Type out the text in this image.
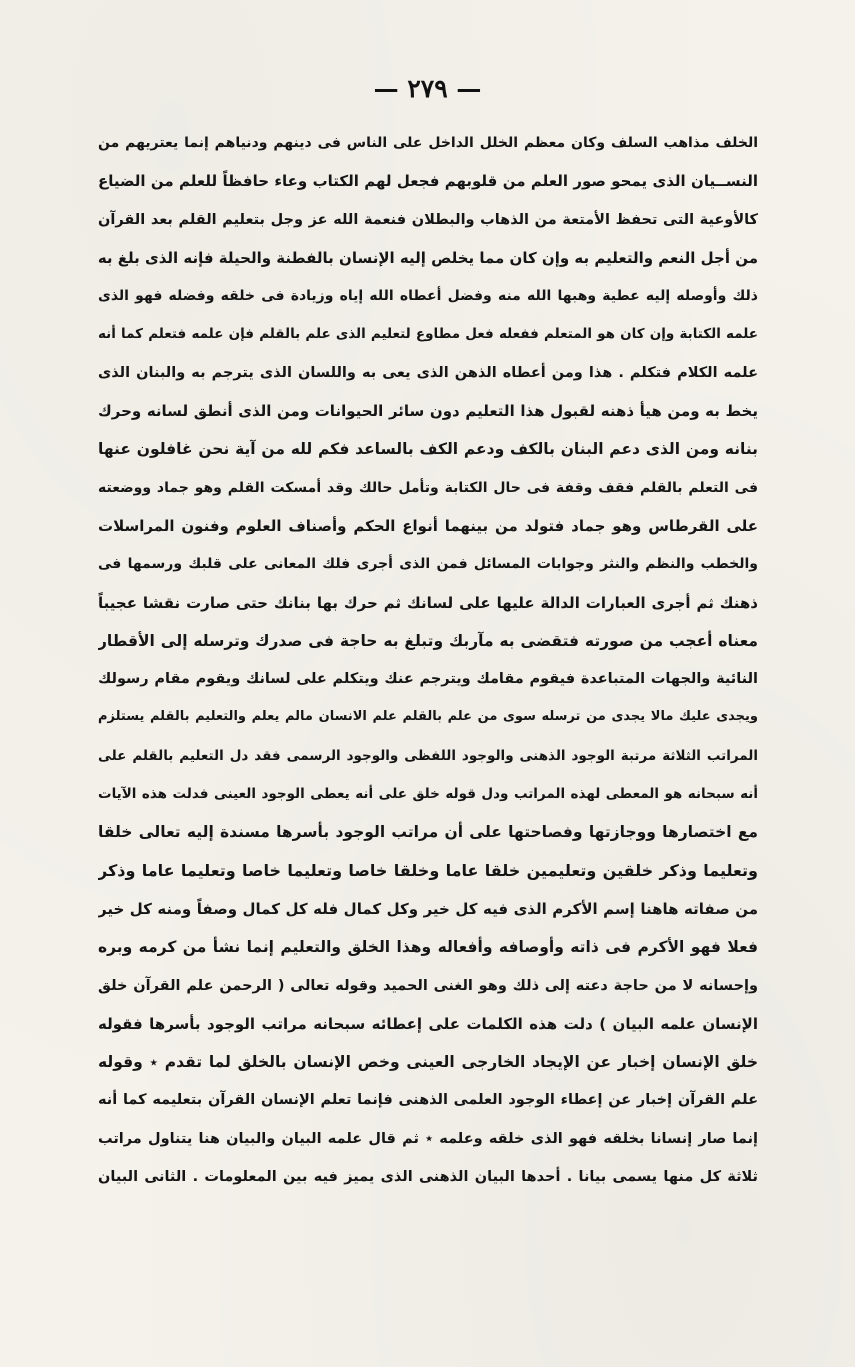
— ٢٧٩ —
الخلف مذاهب السلف وكان معظم الخلل الداخل على الناس فى دينهم ودنياهم إنما يعتريهم من
النســيان الذى يمحو صور العلم من قلوبهم فجعل لهم الكتاب وعاء حافظاً للعلم من الضياع
كالأوعية التى تحفظ الأمتعة من الذهاب والبطلان فنعمة الله عز وجل بتعليم القلم بعد القرآن
من أجل النعم والتعليم به وإن كان مما يخلص إليه الإنسان بالفطنة والحيلة فإنه الذى بلغ به
ذلك وأوصله إليه عطية وهبها الله منه وفضل أعطاه الله إياه وزيادة فى خلقه وفضله فهو الذى
علمه الكتابة وإن كان هو المتعلم ففعله فعل مطاوع لتعليم الذى علم بالقلم فإن علمه فتعلم كما أنه
علمه الكلام فتكلم . هذا ومن أعطاه الذهن الذى يعى به واللسان الذى يترجم به والبنان الذى
يخط به ومن هيأ ذهنه لقبول هذا التعليم دون سائر الحيوانات ومن الذى أنطق لسانه وحرك
بنانه ومن الذى دعم البنان بالكف ودعم الكف بالساعد فكم لله من آية نحن غافلون عنها
فى التعلم بالقلم فقف وقفة فى حال الكتابة وتأمل حالك وقد أمسكت القلم وهو جماد ووضعته
على القرطاس وهو جماد فتولد من بينهما أنواع الحكم وأصناف العلوم وفنون المراسلات
والخطب والنظم والنثر وجوابات المسائل فمن الذى أجرى فلك المعانى على قلبك ورسمها فى
ذهنك ثم أجرى العبارات الدالة عليها على لسانك ثم حرك بها بنانك حتى صارت نقشا عجيباً
معناه أعجب من صورته فتقضى به مآربك وتبلغ به حاجة فى صدرك وترسله إلى الأقطار
النائية والجهات المتباعدة فيقوم مقامك ويترجم عنك ويتكلم على لسانك ويقوم مقام رسولك
ويجدى عليك مالا يجدى من ترسله سوى من علم بالقلم علم الانسان مالم يعلم والتعليم بالقلم يستلزم
المراتب الثلاثة مرتبة الوجود الذهنى والوجود اللفظى والوجود الرسمى فقد دل التعليم بالقلم على
أنه سبحانه هو المعطى لهذه المراتب ودل قوله خلق على أنه يعطى الوجود العينى فدلت هذه الآيات
مع اختصارها ووجازتها وفصاحتها على أن مراتب الوجود بأسرها مسندة إليه تعالى خلقا
وتعليما وذكر خلقين وتعليمين خلقا عاما وخلقا خاصا وتعليما خاصا وتعليما عاما وذكر
من صفاته هاهنا إسم الأكرم الذى فيه كل خير وكل كمال فله كل كمال وصفاً ومنه كل خير
فعلا فهو الأكرم فى ذاته وأوصافه وأفعاله وهذا الخلق والتعليم إنما نشأ من كرمه وبره
وإحسانه لا من حاجة دعته إلى ذلك وهو الغنى الحميد وقوله تعالى ( الرحمن علم القرآن خلق
الإنسان علمه البيان ) دلت هذه الكلمات على إعطائه سبحانه مراتب الوجود بأسرها فقوله
خلق الإنسان إخبار عن الإيجاد الخارجى العينى وخص الإنسان بالخلق لما تقدم ٭ وقوله
علم القرآن إخبار عن إعطاء الوجود العلمى الذهنى فإنما تعلم الإنسان القرآن بتعليمه كما أنه
إنما صار إنسانا بخلقه فهو الذى خلقه وعلمه ٭ ثم قال علمه البيان والبيان هنا يتناول مراتب
ثلاثة كل منها يسمى بيانا . أحدها البيان الذهنى الذى يميز فيه بين المعلومات . الثانى البيان
